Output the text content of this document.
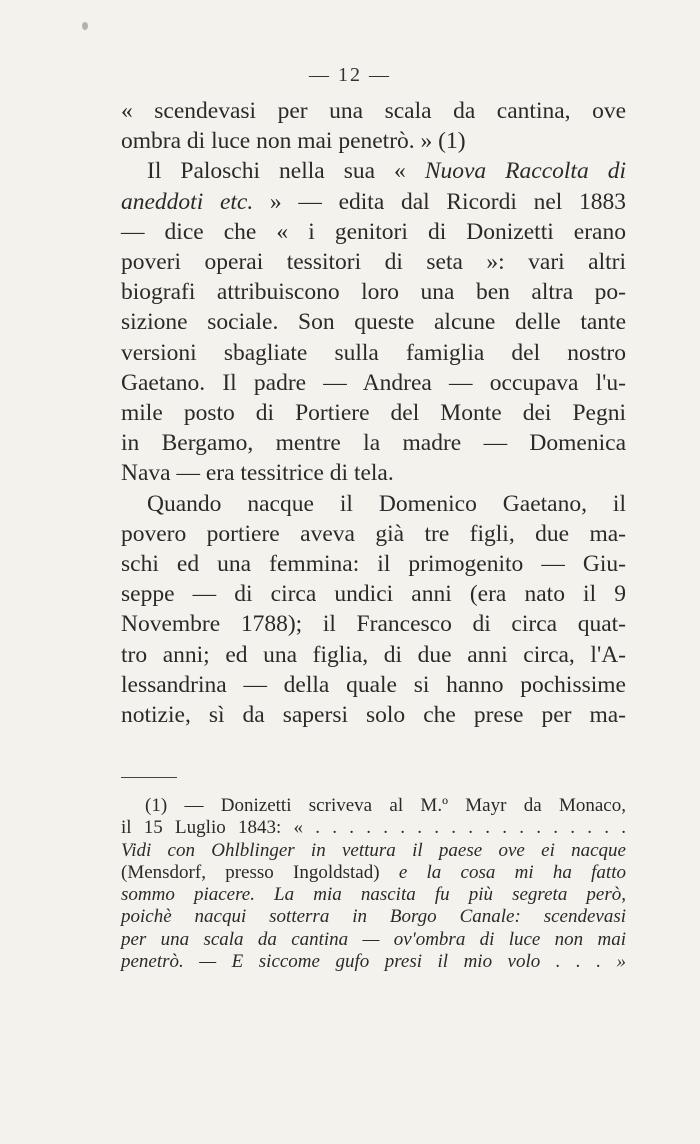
— 12 —
« scendevasi per una scala da cantina, ove
ombra di luce non mai penetrò. » (1)
Il Paloschi nella sua « Nuova Raccolta di
aneddoti etc. » — edita dal Ricordi nel 1883
— dice che « i genitori di Donizetti erano
poveri operai tessitori di seta »: vari altri
biografi attribuiscono loro una ben altra po-
sizione sociale. Son queste alcune delle tante
versioni sbagliate sulla famiglia del nostro
Gaetano. Il padre — Andrea — occupava l'u-
mile posto di Portiere del Monte dei Pegni
in Bergamo, mentre la madre — Domenica
Nava — era tessitrice di tela.
Quando nacque il Domenico Gaetano, il
povero portiere aveva già tre figli, due ma-
schi ed una femmina: il primogenito — Giu-
seppe — di circa undici anni (era nato il 9
Novembre 1788); il Francesco di circa quat-
tro anni; ed una figlia, di due anni circa, l'A-
lessandrina — della quale si hanno pochissime
notizie, sì da sapersi solo che prese per ma-
(1) — Donizetti scriveva al M.º Mayr da Monaco,
il 15 Luglio 1843: « . . . . . . . . . . . . . . . . . . .
Vidi con Ohlblinger in vettura il paese ove ei nacque
(Mensdorf, presso Ingoldstad) e la cosa mi ha fatto
sommo piacere. La mia nascita fu più segreta però,
poichè nacqui sotterra in Borgo Canale: scendevasi
per una scala da cantina — ov'ombra di luce non mai
penetrò. — E siccome gufo presi il mio volo . . . »
